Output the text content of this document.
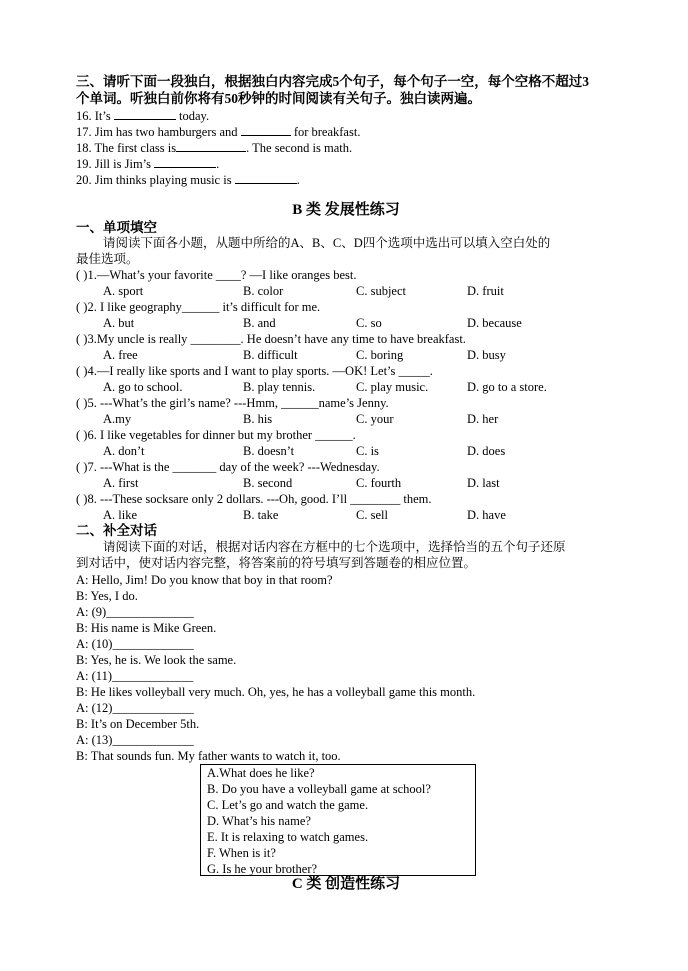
三、请听下面一段独白，根据独白内容完成5个句子，每个句子一空，每个空格不超过3
个单词。听独白前你将有50秒钟的时间阅读有关句子。独白读两遍。
16. It’s	today.
17. Jim has two hamburgers and	for breakfast.
18. The first class is	. The second is math.
19. Jill is Jim’s	.
20. Jim thinks playing music is	.
B 类 发展性练习
一、单项填空
请阅读下面各小题，从题中所给的A、B、C、D四个选项中选出可以填入空白处的
最佳选项。
( )1.—What’s your favorite ____? —I like oranges best.
A. sport	B. color	C. subject	D. fruit
( )2. I like geography______ it’s difficult for me.
A. but	B. and	C. so	D. because
( )3.My uncle is really ________. He doesn’t have any time to have breakfast.
A. free	B. difficult	C. boring	D. busy
( )4.—I really like sports and I want to play sports. —OK! Let’s _____.
A. go to school.	B. play tennis.	C. play music.	D. go to a store.
( )5. ---What’s the girl’s name? ---Hmm, ______name’s Jenny.
A.my	B. his	C. your	D. her
( )6. I like vegetables for dinner but my brother ______.
A. don’t	B. doesn’t	C. is	D. does
( )7. ---What is the _______ day of the week? ---Wednesday.
A. first	B. second	C. fourth	D. last
( )8. ---These socksare only 2 dollars. ---Oh, good. I’ll ________ them.
A. like	B. take	C. sell	D. have
二、补全对话
请阅读下面的对话，根据对话内容在方框中的七个选项中，选择恰当的五个句子还原
到对话中，使对话内容完整，将答案前的符号填写到答题卷的相应位置。
A: Hello, Jim! Do you know that boy in that room?
B: Yes, I do.
A: (9)______________
B: His name is Mike Green.
A: (10)_____________
B: Yes, he is. We look the same.
A: (11)_____________
B: He likes volleyball very much. Oh, yes, he has a volleyball game this month.
A: (12)_____________
B: It’s on December 5th.
A: (13)_____________
B: That sounds fun. My father wants to watch it, too.
A.What does he like?
B. Do you have a volleyball game at school?
C. Let’s go and watch the game.
D. What’s his name?
E. It is relaxing to watch games.
F. When is it?
G. Is he your brother?
C 类 创造性练习
